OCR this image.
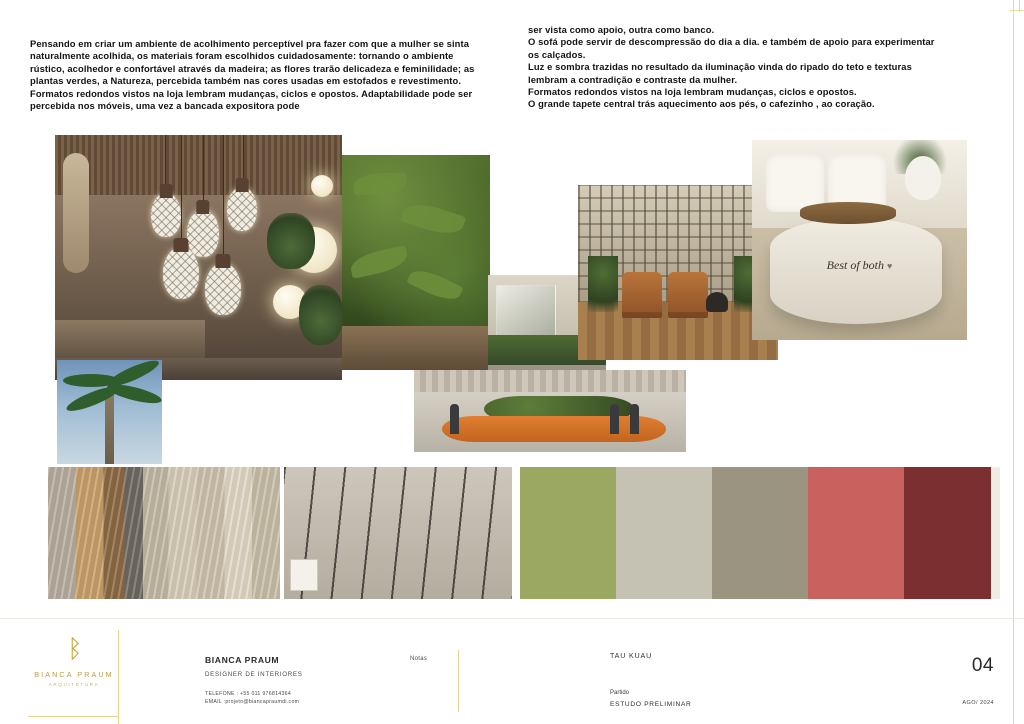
Pensando em criar um ambiente de acolhimento perceptível pra fazer com que a mulher se sinta

naturalmente acolhida, os materiais foram escolhidos cuidadosamente: tornando o ambiente

rústico, acolhedor e confortável através da madeira; as flores trarão delicadeza e feminilidade; as

plantas verdes, a Natureza, percebida também nas cores usadas em estofados e revestimento.

Formatos redondos vistos na loja lembram mudanças, ciclos e opostos. Adaptabilidade pode ser

percebida nos móveis, uma vez a bancada expositora pode

ser vista como apoio, outra como banco.

O sofá pode servir de descompressão do dia a dia. e também de apoio para experimentar

os calçados.

Luz e sombra trazidas no resultado da iluminação vinda do ripado do teto e texturas

lembram a contradição e contraste da mulher.

Formatos redondos vistos na loja lembram mudanças, ciclos e opostos.

O grande tapete central trás aquecimento aos pés, o cafezinho , ao coração.

Best of both ♥
ᛒ
BIANCA PRAUM
ARQUITETURA
BIANCA PRAUM
DESIGNER DE INTERIORES
TELEFONE : +55 011 976814364
EMAIL :projeto@biancapraumdi.com
Notas	TAU KUAU
Partido
ESTUDO PRELIMINAR
04
AGO/ 2024
